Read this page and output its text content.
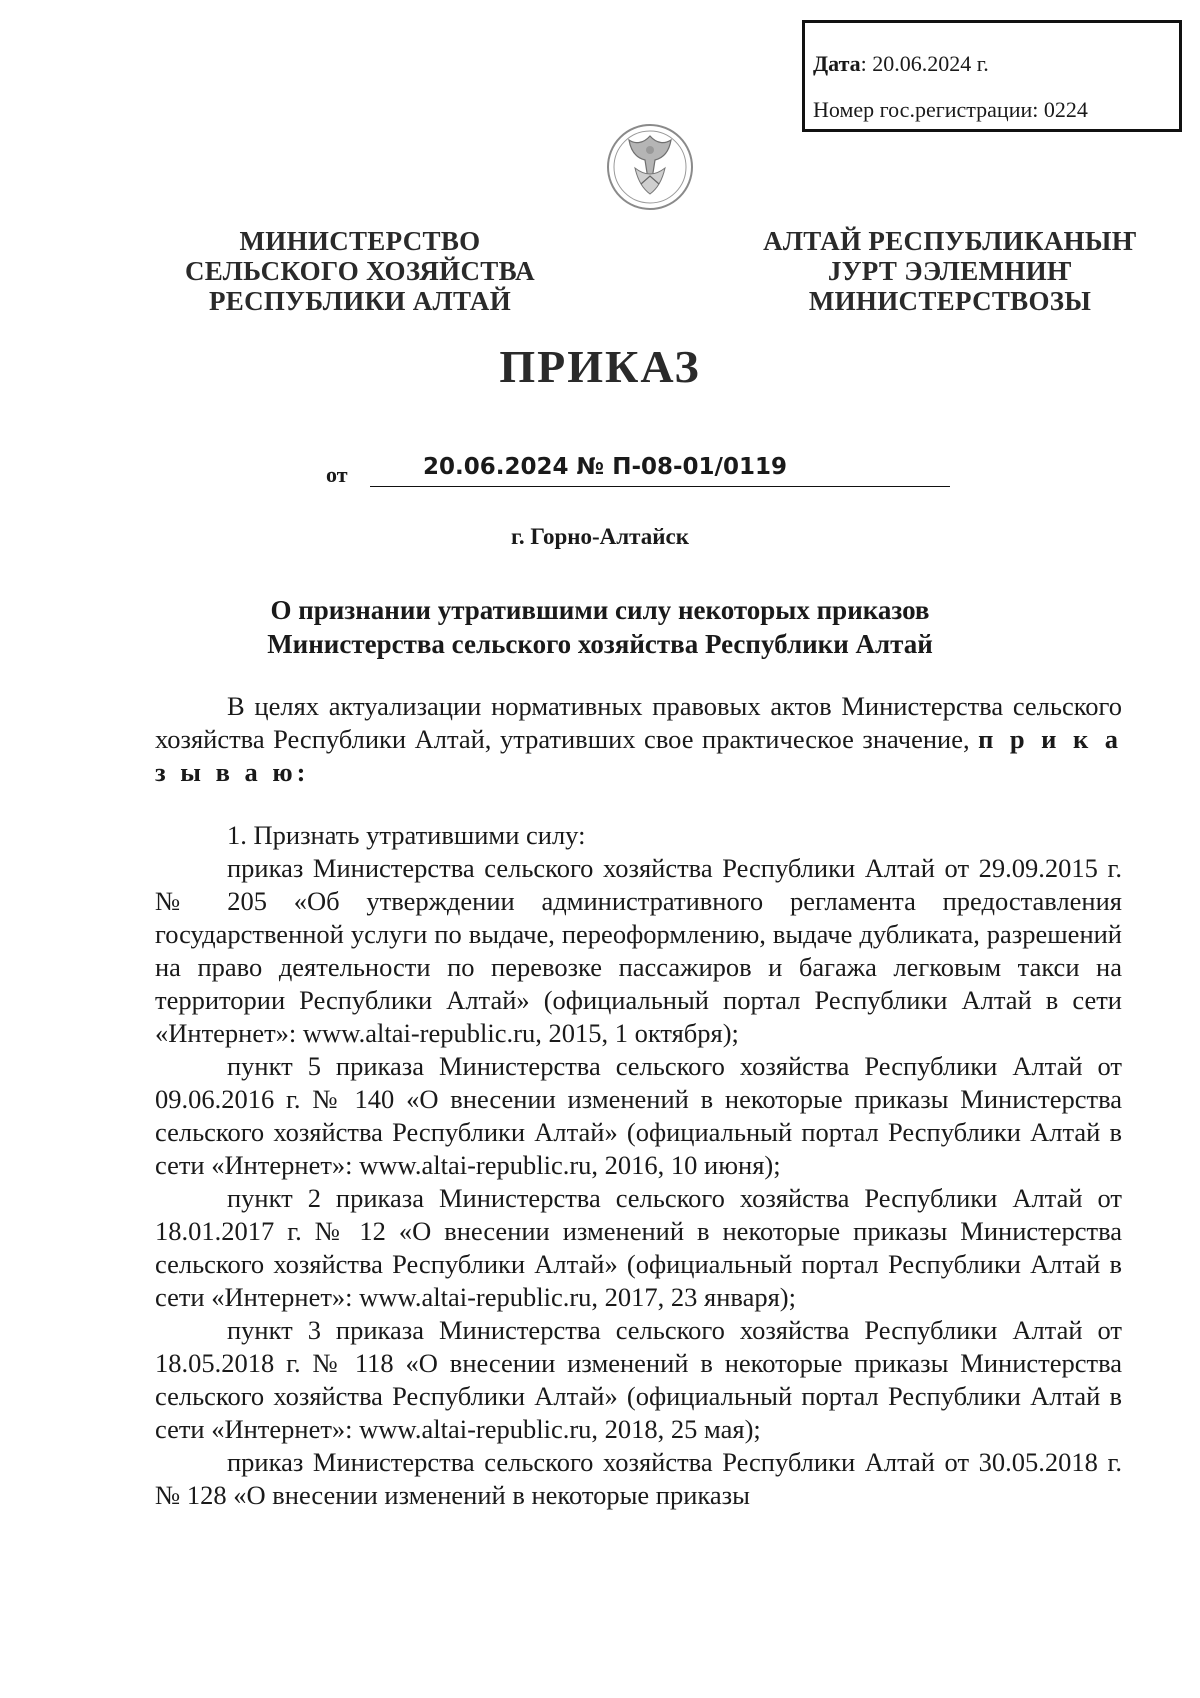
Дата: 20.06.2024 г.
Номер гос.регистрации: 0224
МИНИСТЕРСТВО
СЕЛЬСКОГО ХОЗЯЙСТВА
РЕСПУБЛИКИ АЛТАЙ
АЛТАЙ РЕСПУБЛИКАНЫҤ
ЈУРТ ЭЭЛЕМНИҤ
МИНИСТЕРСТВОЗЫ
ПРИКАЗ
от	20.06.2024 № П-08-01/0119
г. Горно-Алтайск
О признании утратившими силу некоторых приказов
Министерства сельского хозяйства Республики Алтай

В целях актуализации нормативных правовых актов Министерства сельского хозяйства Республики Алтай, утративших свое практическое значение, п р и к а з ы в а ю:

1. Признать утратившими силу:

приказ Министерства сельского хозяйства Республики Алтай от 29.09.2015 г. № 205 «Об утверждении административного регламента предоставления государственной услуги по выдаче, переоформлению, выдаче дубликата, разрешений на право деятельности по перевозке пассажиров и багажа легковым такси на территории Республики Алтай» (официальный портал Республики Алтай в сети «Интернет»: www.altai-republic.ru, 2015, 1 октября);

пункт 5 приказа Министерства сельского хозяйства Республики Алтай от 09.06.2016 г. № 140 «О внесении изменений в некоторые приказы Министерства сельского хозяйства Республики Алтай» (официальный портал Республики Алтай в сети «Интернет»: www.altai-republic.ru, 2016, 10 июня);

пункт 2 приказа Министерства сельского хозяйства Республики Алтай от 18.01.2017 г. № 12 «О внесении изменений в некоторые приказы Министерства сельского хозяйства Республики Алтай» (официальный портал Республики Алтай в сети «Интернет»: www.altai-republic.ru, 2017, 23 января);

пункт 3 приказа Министерства сельского хозяйства Республики Алтай от 18.05.2018 г. № 118 «О внесении изменений в некоторые приказы Министерства сельского хозяйства Республики Алтай» (официальный портал Республики Алтай в сети «Интернет»: www.altai-republic.ru, 2018, 25 мая);

приказ Министерства сельского хозяйства Республики Алтай от 30.05.2018 г. № 128 «О внесении изменений в некоторые приказы
